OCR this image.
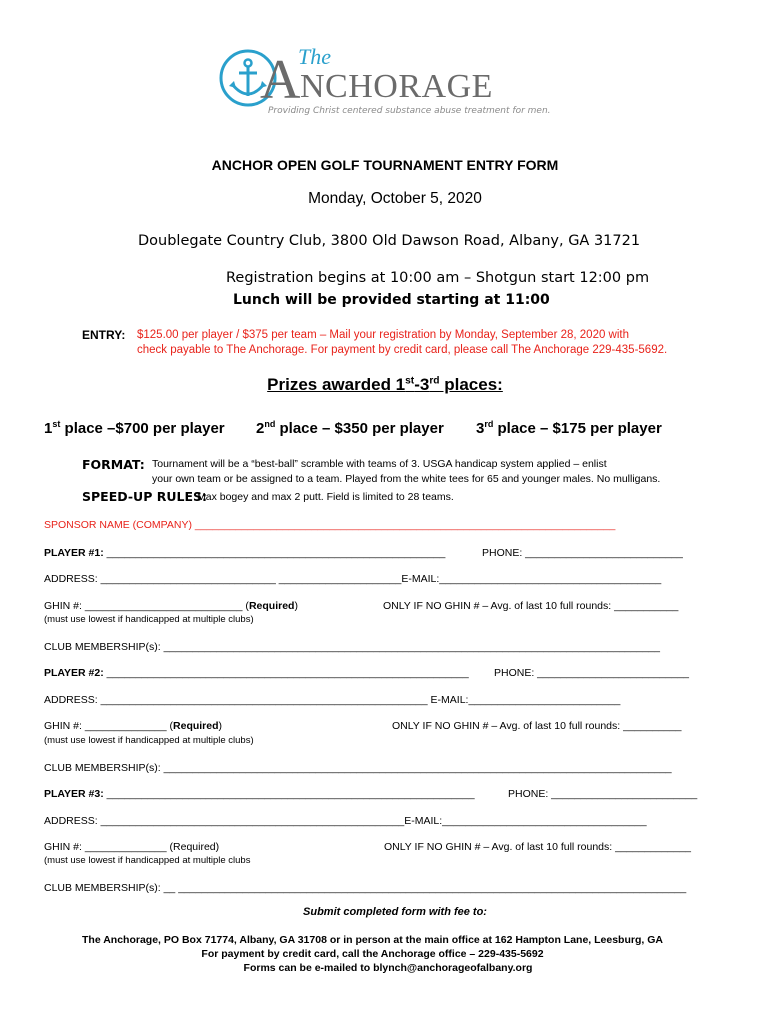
The
A NCHORAGE
Providing Christ centered substance abuse treatment for men.
ANCHOR OPEN GOLF TOURNAMENT ENTRY FORM
Monday, October 5, 2020
Doublegate Country Club, 3800 Old Dawson Road, Albany, GA 31721
Registration begins at 10:00 am – Shotgun start 12:00 pm
Lunch will be provided starting at 11:00
ENTRY: $125.00 per player / $375 per team – Mail your registration by Monday, September 28, 2020 with
check payable to The Anchorage. For payment by credit card, please call The Anchorage 229-435-5692.
Prizes awarded 1st-3rd places:
1st place –$700 per player 2nd place – $350 per player 3rd place – $175 per player
FORMAT: Tournament will be a “best-ball” scramble with teams of 3. USGA handicap system applied – enlist
your own team or be assigned to a team. Played from the white tees for 65 and younger males. No mulligans.
SPEED-UP RULES:
Max bogey and max 2 putt. Field is limited to 28 teams.
SPONSOR NAME (COMPANY) ________________________________________________________________________
PLAYER #1: __________________________________________________________	PHONE: ___________________________
ADDRESS: ______________________________ _____________________E-MAIL:______________________________________
GHIN #: ___________________________ (Required)	ONLY IF NO GHIN # – Avg. of last 10 full rounds: ___________
(must use lowest if handicapped at multiple clubs)
CLUB MEMBERSHIP(s): _____________________________________________________________________________________
PLAYER #2: ______________________________________________________________ PHONE: __________________________
ADDRESS: ________________________________________________________ E-MAIL:__________________________
GHIN #: ______________ (Required)	ONLY IF NO GHIN # – Avg. of last 10 full rounds: __________
(must use lowest if handicapped at multiple clubs)
CLUB MEMBERSHIP(s): _______________________________________________________________________________________
PLAYER #3: _______________________________________________________________	PHONE: _________________________
ADDRESS: ____________________________________________________E-MAIL:___________________________________
GHIN #: ______________ (Required)	ONLY IF NO GHIN # – Avg. of last 10 full rounds: _____________
(must use lowest if handicapped at multiple clubs
CLUB MEMBERSHIP(s): __ _______________________________________________________________________________________
Submit completed form with fee to:
The Anchorage, PO Box 71774, Albany, GA 31708 or in person at the main office at 162 Hampton Lane, Leesburg, GA
For payment by credit card, call the Anchorage office – 229-435-5692
Forms can be e-mailed to blynch@anchorageofalbany.org
